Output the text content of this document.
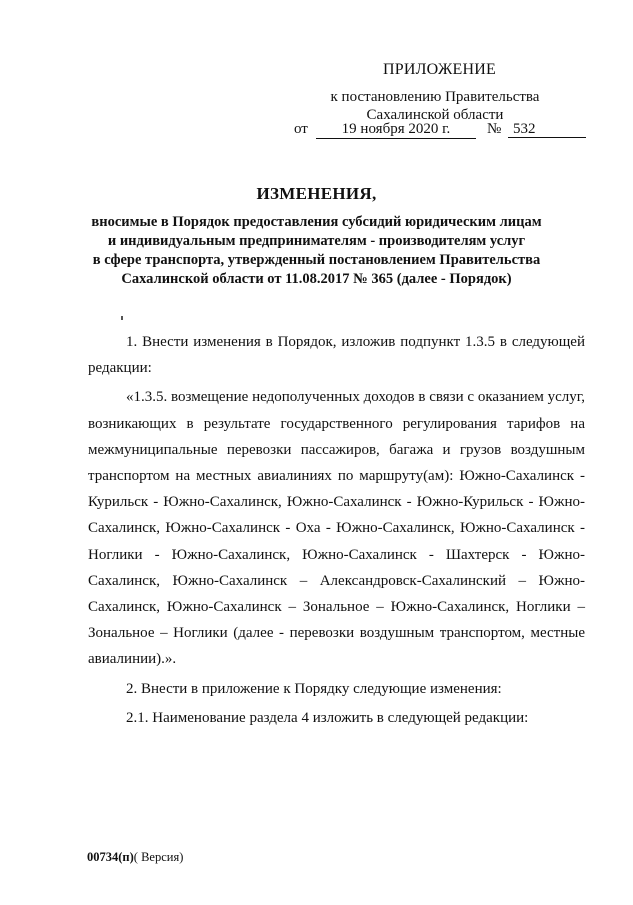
ПРИЛОЖЕНИЕ
к постановлению Правительства
Сахалинской области
от	19 ноября 2020 г.	№ 532
ИЗМЕНЕНИЯ,
вносимые в Порядок предоставления субсидий юридическим лицам
и индивидуальным предпринимателям - производителям услуг
в сфере транспорта, утвержденный постановлением Правительства
Сахалинской области от 11.08.2017 № 365 (далее - Порядок)

1. Внести изменения в Порядок, изложив подпункт 1.3.5 в следующей редакции:

«1.3.5. возмещение недополученных доходов в связи с оказанием услуг, возникающих в результате государственного регулирования тарифов на межмуниципальные перевозки пассажиров, багажа и грузов воздушным транспортом на местных авиалиниях по маршруту(ам): Южно-Сахалинск - Курильск - Южно-Сахалинск, Южно-Сахалинск - Южно-Курильск - Южно-Сахалинск, Южно-Сахалинск - Оха - Южно-Сахалинск, Южно-Сахалинск - Ноглики - Южно-Сахалинск, Южно-Сахалинск - Шахтерск - Южно-Сахалинск, Южно-Сахалинск – Александровск-Сахалинский – Южно-Сахалинск, Южно-Сахалинск – Зональное – Южно-Сахалинск, Ноглики – Зональное – Ноглики (далее - перевозки воздушным транспортом, местные авиалинии).».

2. Внести в приложение к Порядку следующие изменения:

2.1. Наименование раздела 4 изложить в следующей редакции:

00734(п)( Версия)
